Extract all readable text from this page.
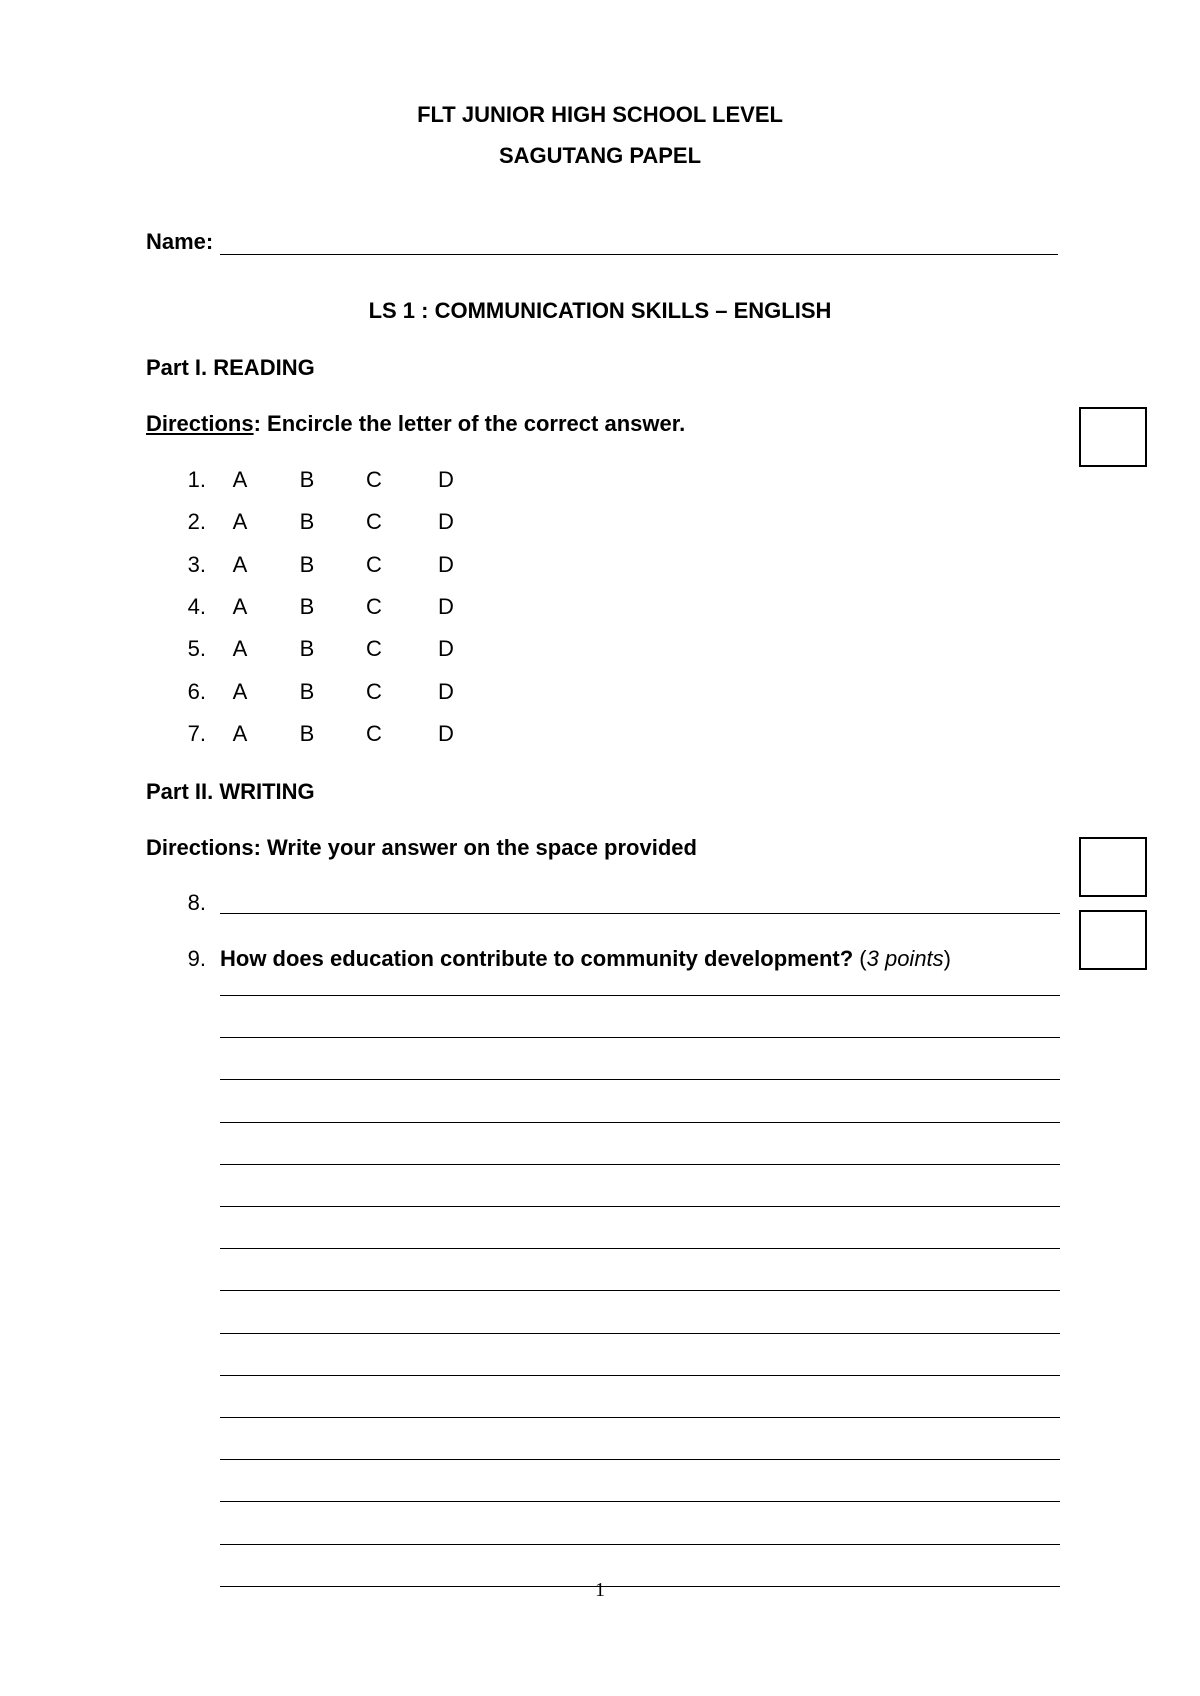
FLT JUNIOR HIGH SCHOOL LEVEL
SAGUTANG PAPEL
Name:
LS 1 : COMMUNICATION SKILLS – ENGLISH
Part I. READING
Directions: Encircle the letter of the correct answer.
1. A B C	D
2. A B C	D
3. A B C	D
4. A B C	D
5. A B C	D
6. A B C	D
7. A B C	D
Part II. WRITING
Directions: Write your answer on the space provided
8.
9. How does education contribute to community development? (3 points)
1
